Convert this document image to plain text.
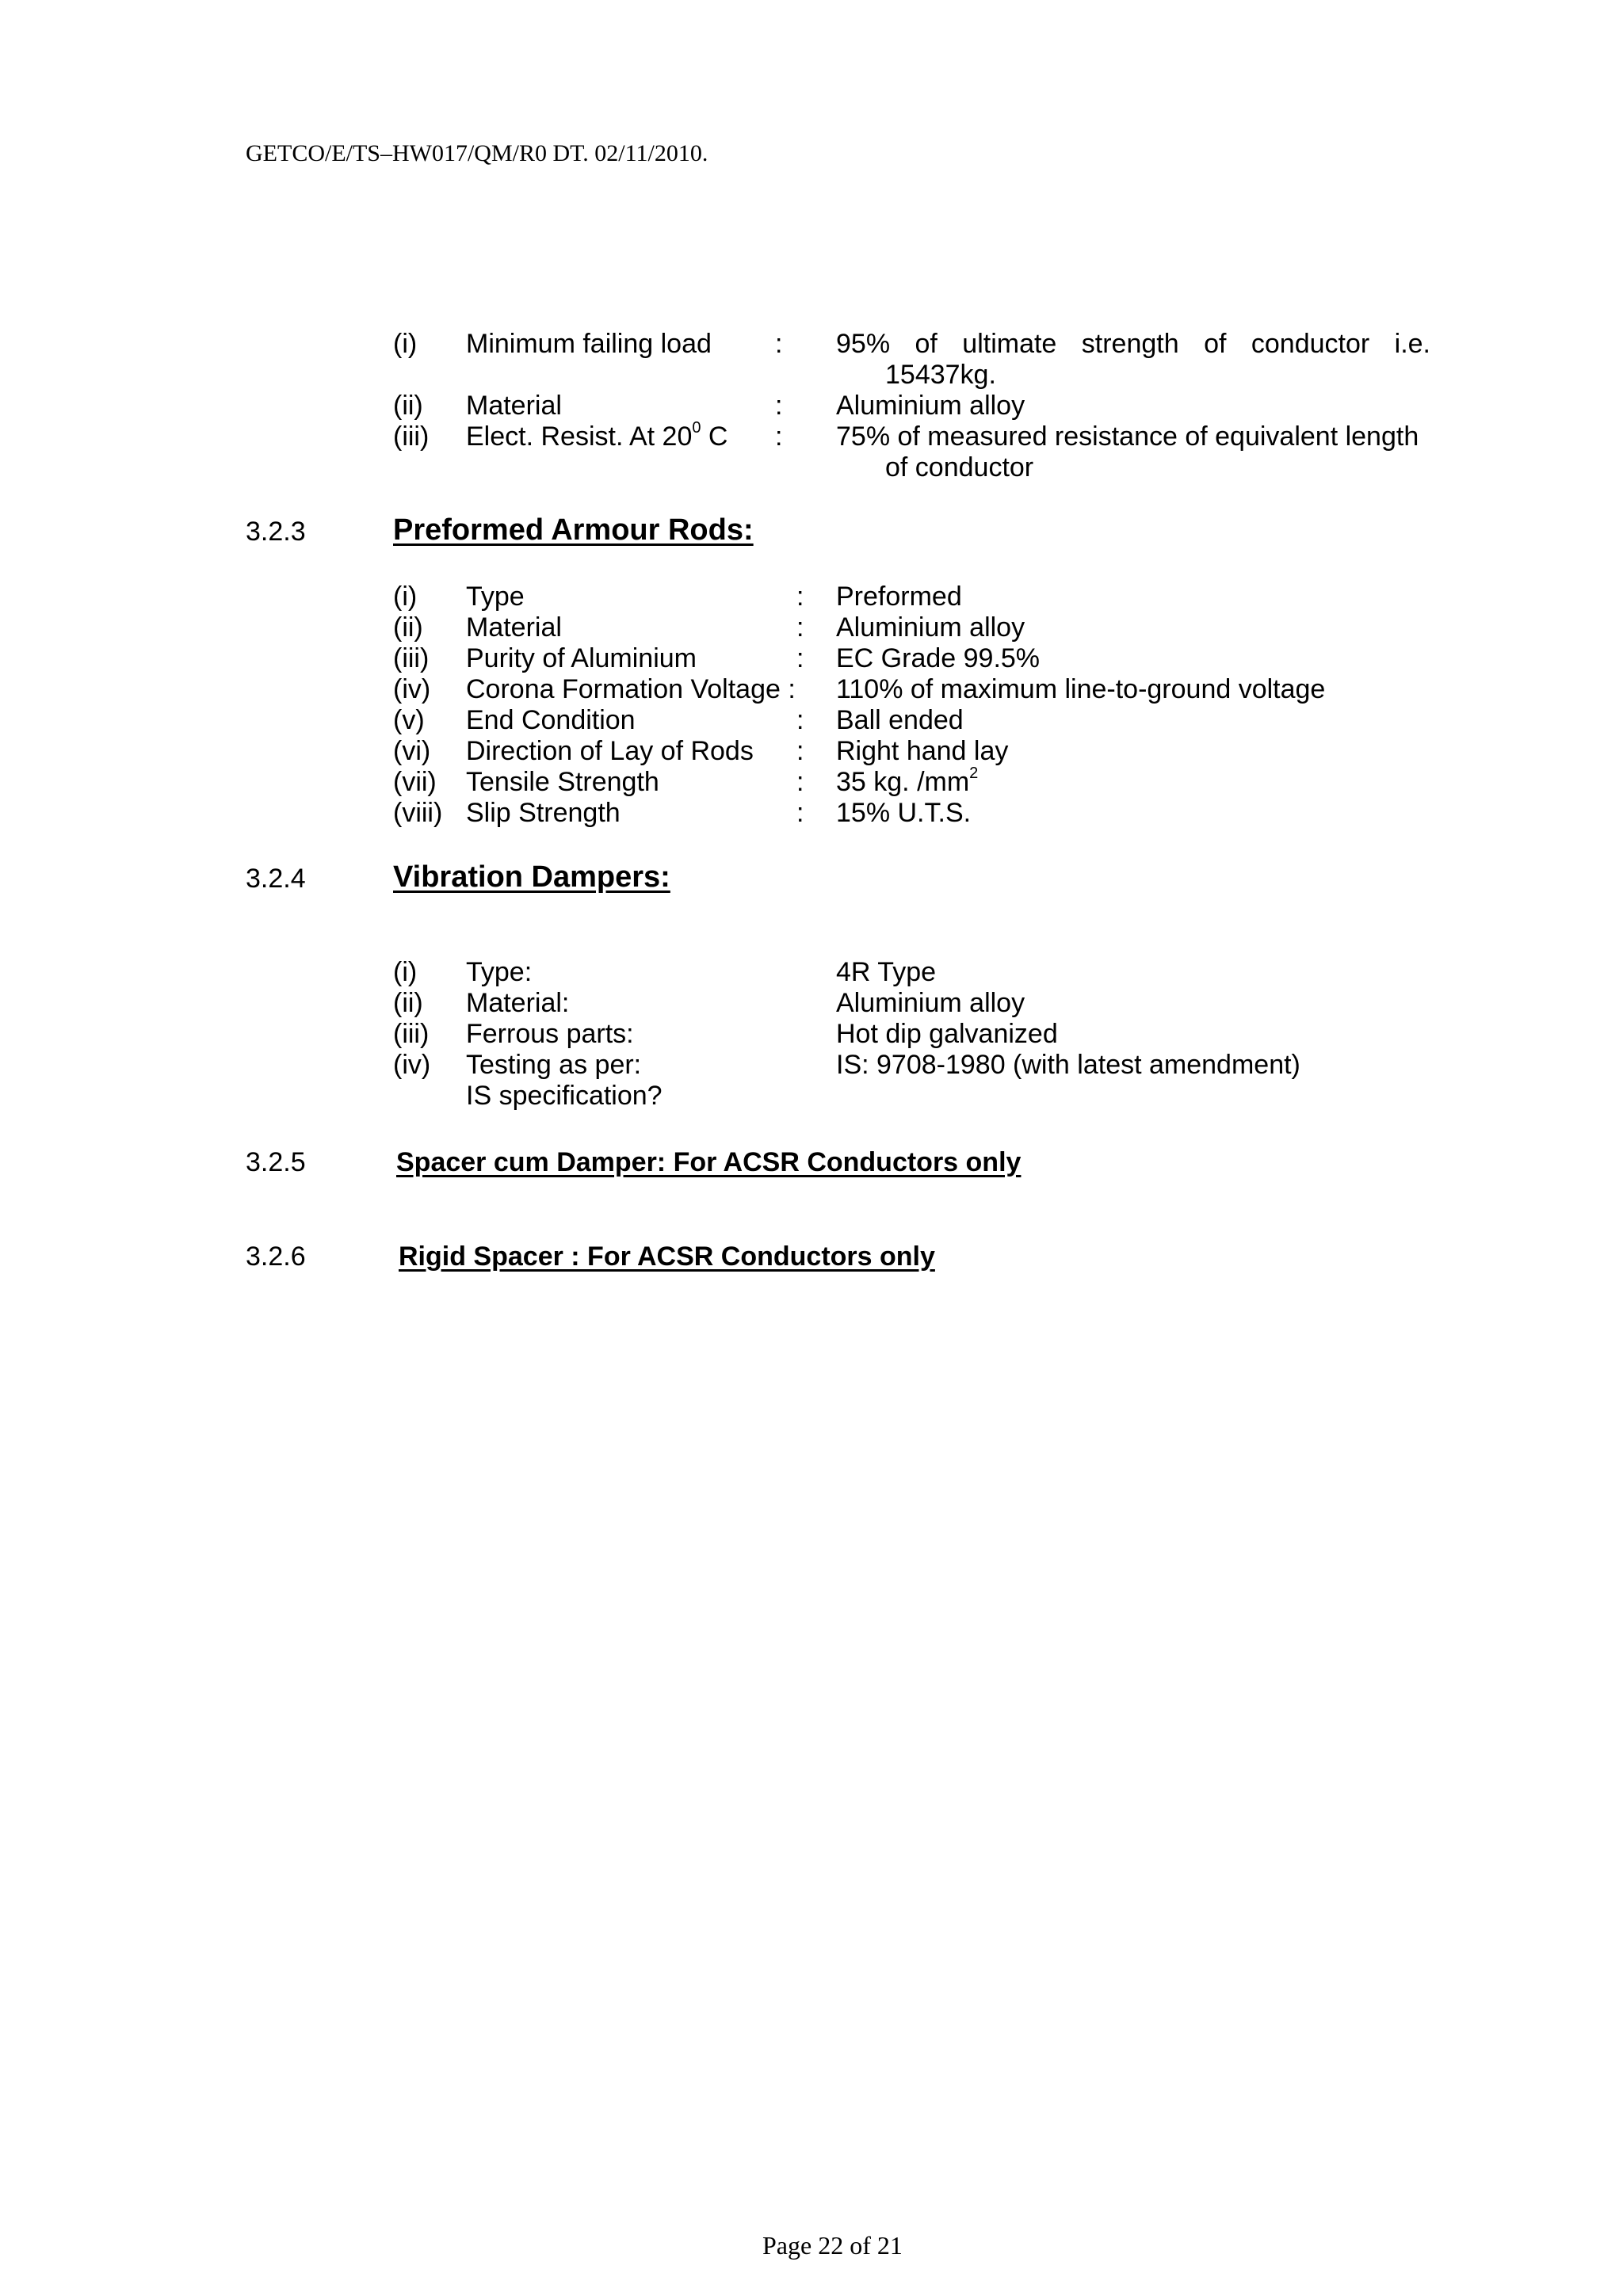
GETCO/E/TS–HW017/QM/R0 DT. 02/11/2010.
(i) Minimum failing load : 95% of ultimate strength of conductor i.e.
15437kg.
(ii) Material	: Aluminium alloy
(iii) Elect. Resist. At $20^0$ C : 75% of measured resistance of equivalent length
of conductor
3.2.3	Preformed Armour Rods:
(i) Type	: Preformed
(ii) Material	: Aluminium alloy
(iii) Purity of Aluminium	: EC Grade 99.5%
(iv) Corona Formation Voltage : 110% of maximum line-to-ground voltage
(v) End Condition	: Ball ended
(vi) Direction of Lay of Rods : Right hand lay
(vii) Tensile Strength	: 35 kg. $/mm^2$
(viii) Slip Strength	: 15% U.T.S.
3.2.4	Vibration Dampers:
(i) Type:	4R Type
(ii) Material:	Aluminium alloy
(iii) Ferrous parts:	Hot dip galvanized
(iv) Testing as per:	IS: 9708-1980 (with latest amendment)
IS specification?
3.2.5	Spacer cum Damper: For ACSR Conductors only
3.2.6	Rigid Spacer : For ACSR Conductors only
Page 22 of 21
